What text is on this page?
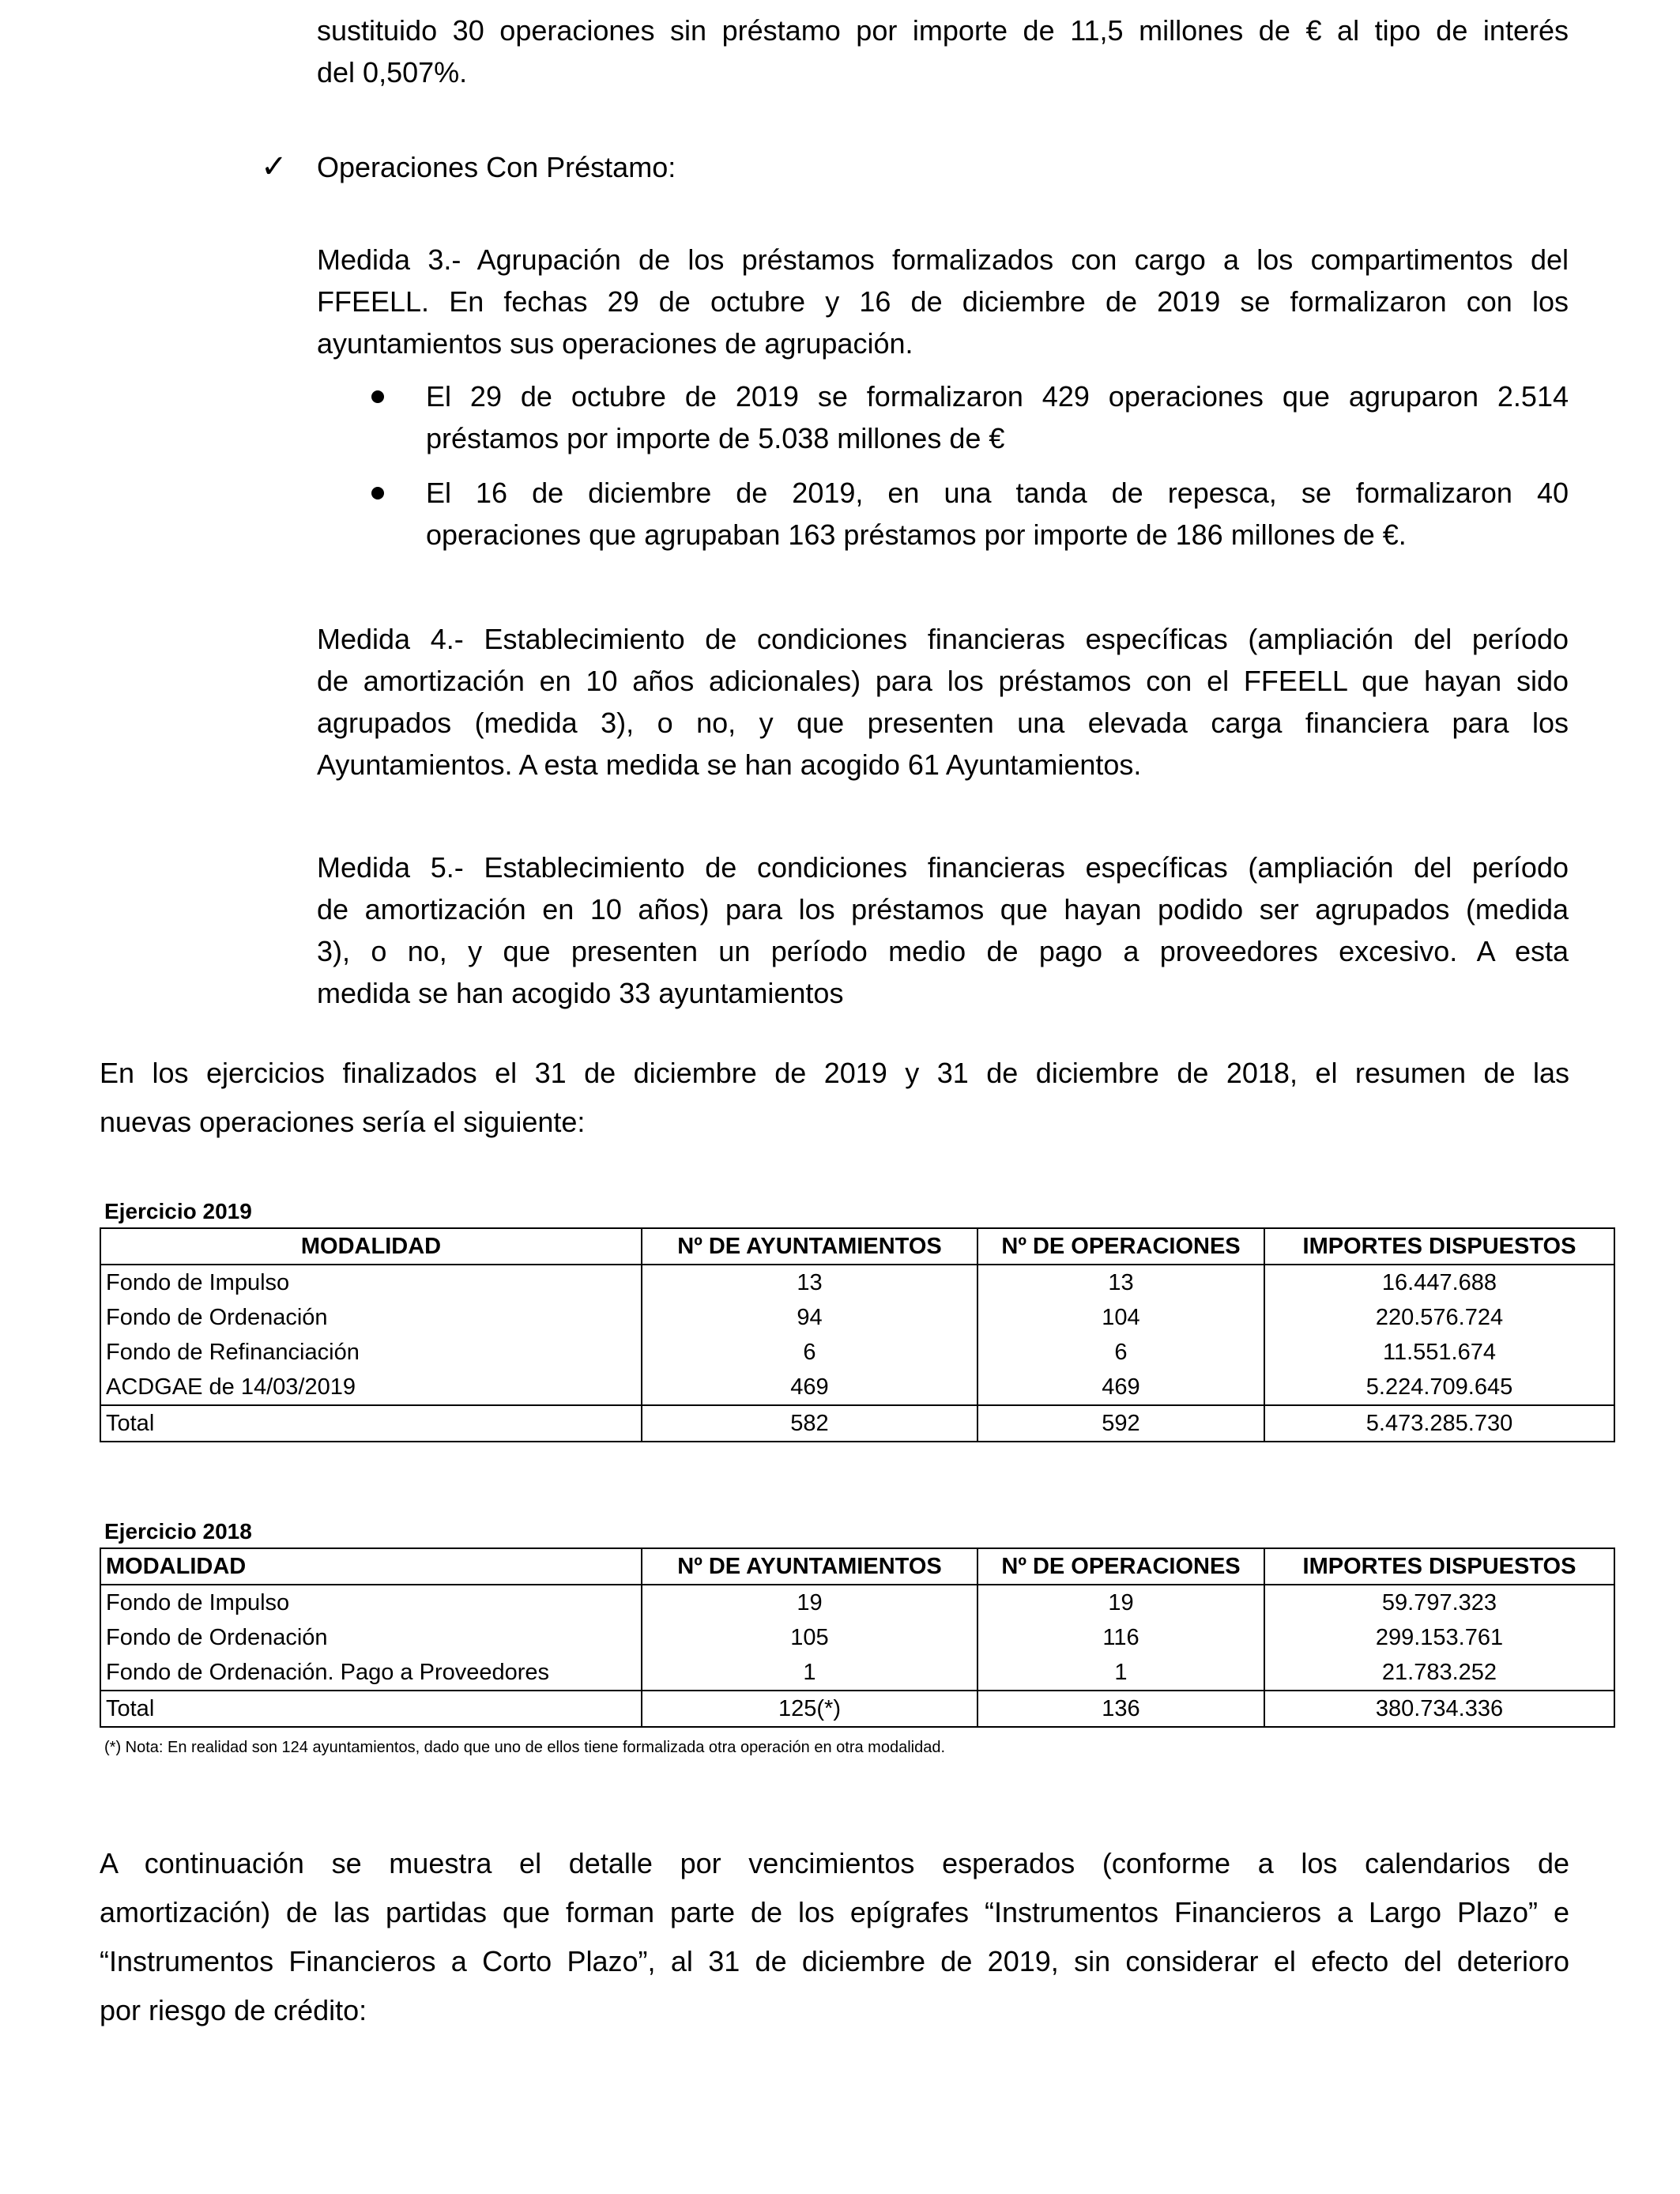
sustituido 30 operaciones sin préstamo por importe de 11,5 millones de € al tipo de interés
del 0,507%.
✓ Operaciones Con Préstamo:
Medida 3.- Agrupación de los préstamos formalizados con cargo a los compartimentos del
FFEELL. En fechas 29 de octubre y 16 de diciembre de 2019 se formalizaron con los
ayuntamientos sus operaciones de agrupación.
El 29 de octubre de 2019 se formalizaron 429 operaciones que agruparon 2.514
préstamos por importe de 5.038 millones de €
El 16 de diciembre de 2019, en una tanda de repesca, se formalizaron 40
operaciones que agrupaban 163 préstamos por importe de 186 millones de €.
Medida 4.- Establecimiento de condiciones financieras específicas (ampliación del período
de amortización en 10 años adicionales) para los préstamos con el FFEELL que hayan sido
agrupados (medida 3), o no, y que presenten una elevada carga financiera para los
Ayuntamientos. A esta medida se han acogido 61 Ayuntamientos.
Medida 5.- Establecimiento de condiciones financieras específicas (ampliación del período
de amortización en 10 años) para los préstamos que hayan podido ser agrupados (medida
3), o no, y que presenten un período medio de pago a proveedores excesivo. A esta
medida se han acogido 33 ayuntamientos
En los ejercicios finalizados el 31 de diciembre de 2019 y 31 de diciembre de 2018, el resumen de las
nuevas operaciones sería el siguiente:
Ejercicio 2019
MODALIDAD	Nº DE AYUNTAMIENTOS	Nº DE OPERACIONES	IMPORTES DISPUESTOS
Fondo de Impulso	13	13	16.447.688
Fondo de Ordenación	94	104	220.576.724
Fondo de Refinanciación	6	6	11.551.674
ACDGAE de 14/03/2019	469	469	5.224.709.645
Total	582	592	5.473.285.730
Ejercicio 2018
MODALIDAD	Nº DE AYUNTAMIENTOS	Nº DE OPERACIONES	IMPORTES DISPUESTOS
Fondo de Impulso	19	19	59.797.323
Fondo de Ordenación	105	116	299.153.761
Fondo de Ordenación. Pago a Proveedores	1	1	21.783.252
Total	125(*)	136	380.734.336
(*) Nota: En realidad son 124 ayuntamientos, dado que uno de ellos tiene formalizada otra operación en otra modalidad.
A continuación se muestra el detalle por vencimientos esperados (conforme a los calendarios de
amortización) de las partidas que forman parte de los epígrafes “Instrumentos Financieros a Largo Plazo” e
“Instrumentos Financieros a Corto Plazo”, al 31 de diciembre de 2019, sin considerar el efecto del deterioro
por riesgo de crédito:
